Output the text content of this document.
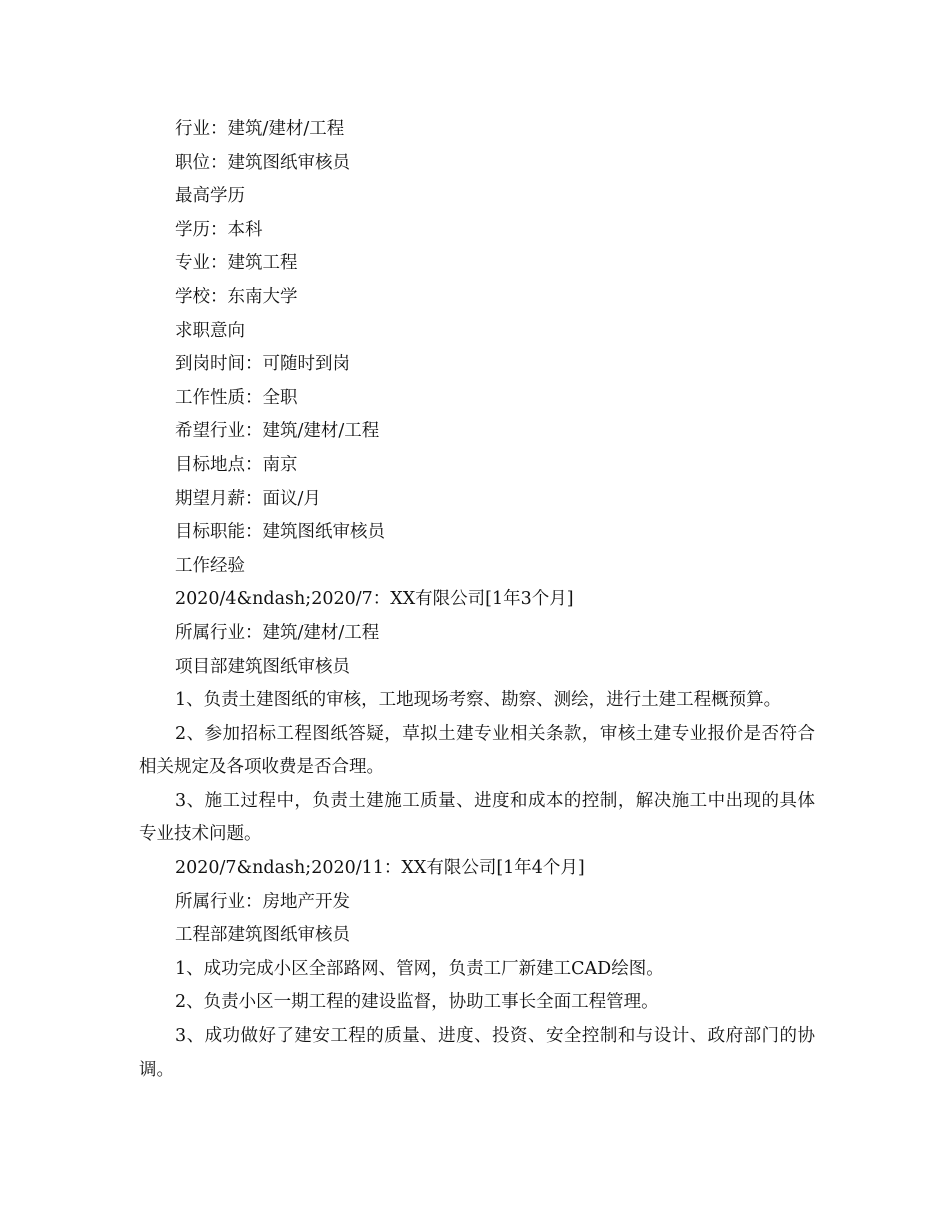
行业：建筑/建材/工程
职位：建筑图纸审核员
最高学历
学历：本科
专业：建筑工程
学校：东南大学
求职意向
到岗时间：可随时到岗
工作性质：全职
希望行业：建筑/建材/工程
目标地点：南京
期望月薪：面议/月
目标职能：建筑图纸审核员
工作经验
2020/4&ndash;2020/7：XX有限公司[1年3个月]
所属行业：建筑/建材/工程
项目部建筑图纸审核员
1、负责土建图纸的审核，工地现场考察、勘察、测绘，进行土建工程概预算。
2、参加招标工程图纸答疑，草拟土建专业相关条款，审核土建专业报价是否符合相关规定及各项收费是否合理。
3、施工过程中，负责土建施工质量、进度和成本的控制，解决施工中出现的具体专业技术问题。
2020/7&ndash;2020/11：XX有限公司[1年4个月]
所属行业：房地产开发
工程部建筑图纸审核员
1、成功完成小区全部路网、管网，负责工厂新建工CAD绘图。
2、负责小区一期工程的建设监督，协助工事长全面工程管理。
3、成功做好了建安工程的质量、进度、投资、安全控制和与设计、政府部门的协调。
